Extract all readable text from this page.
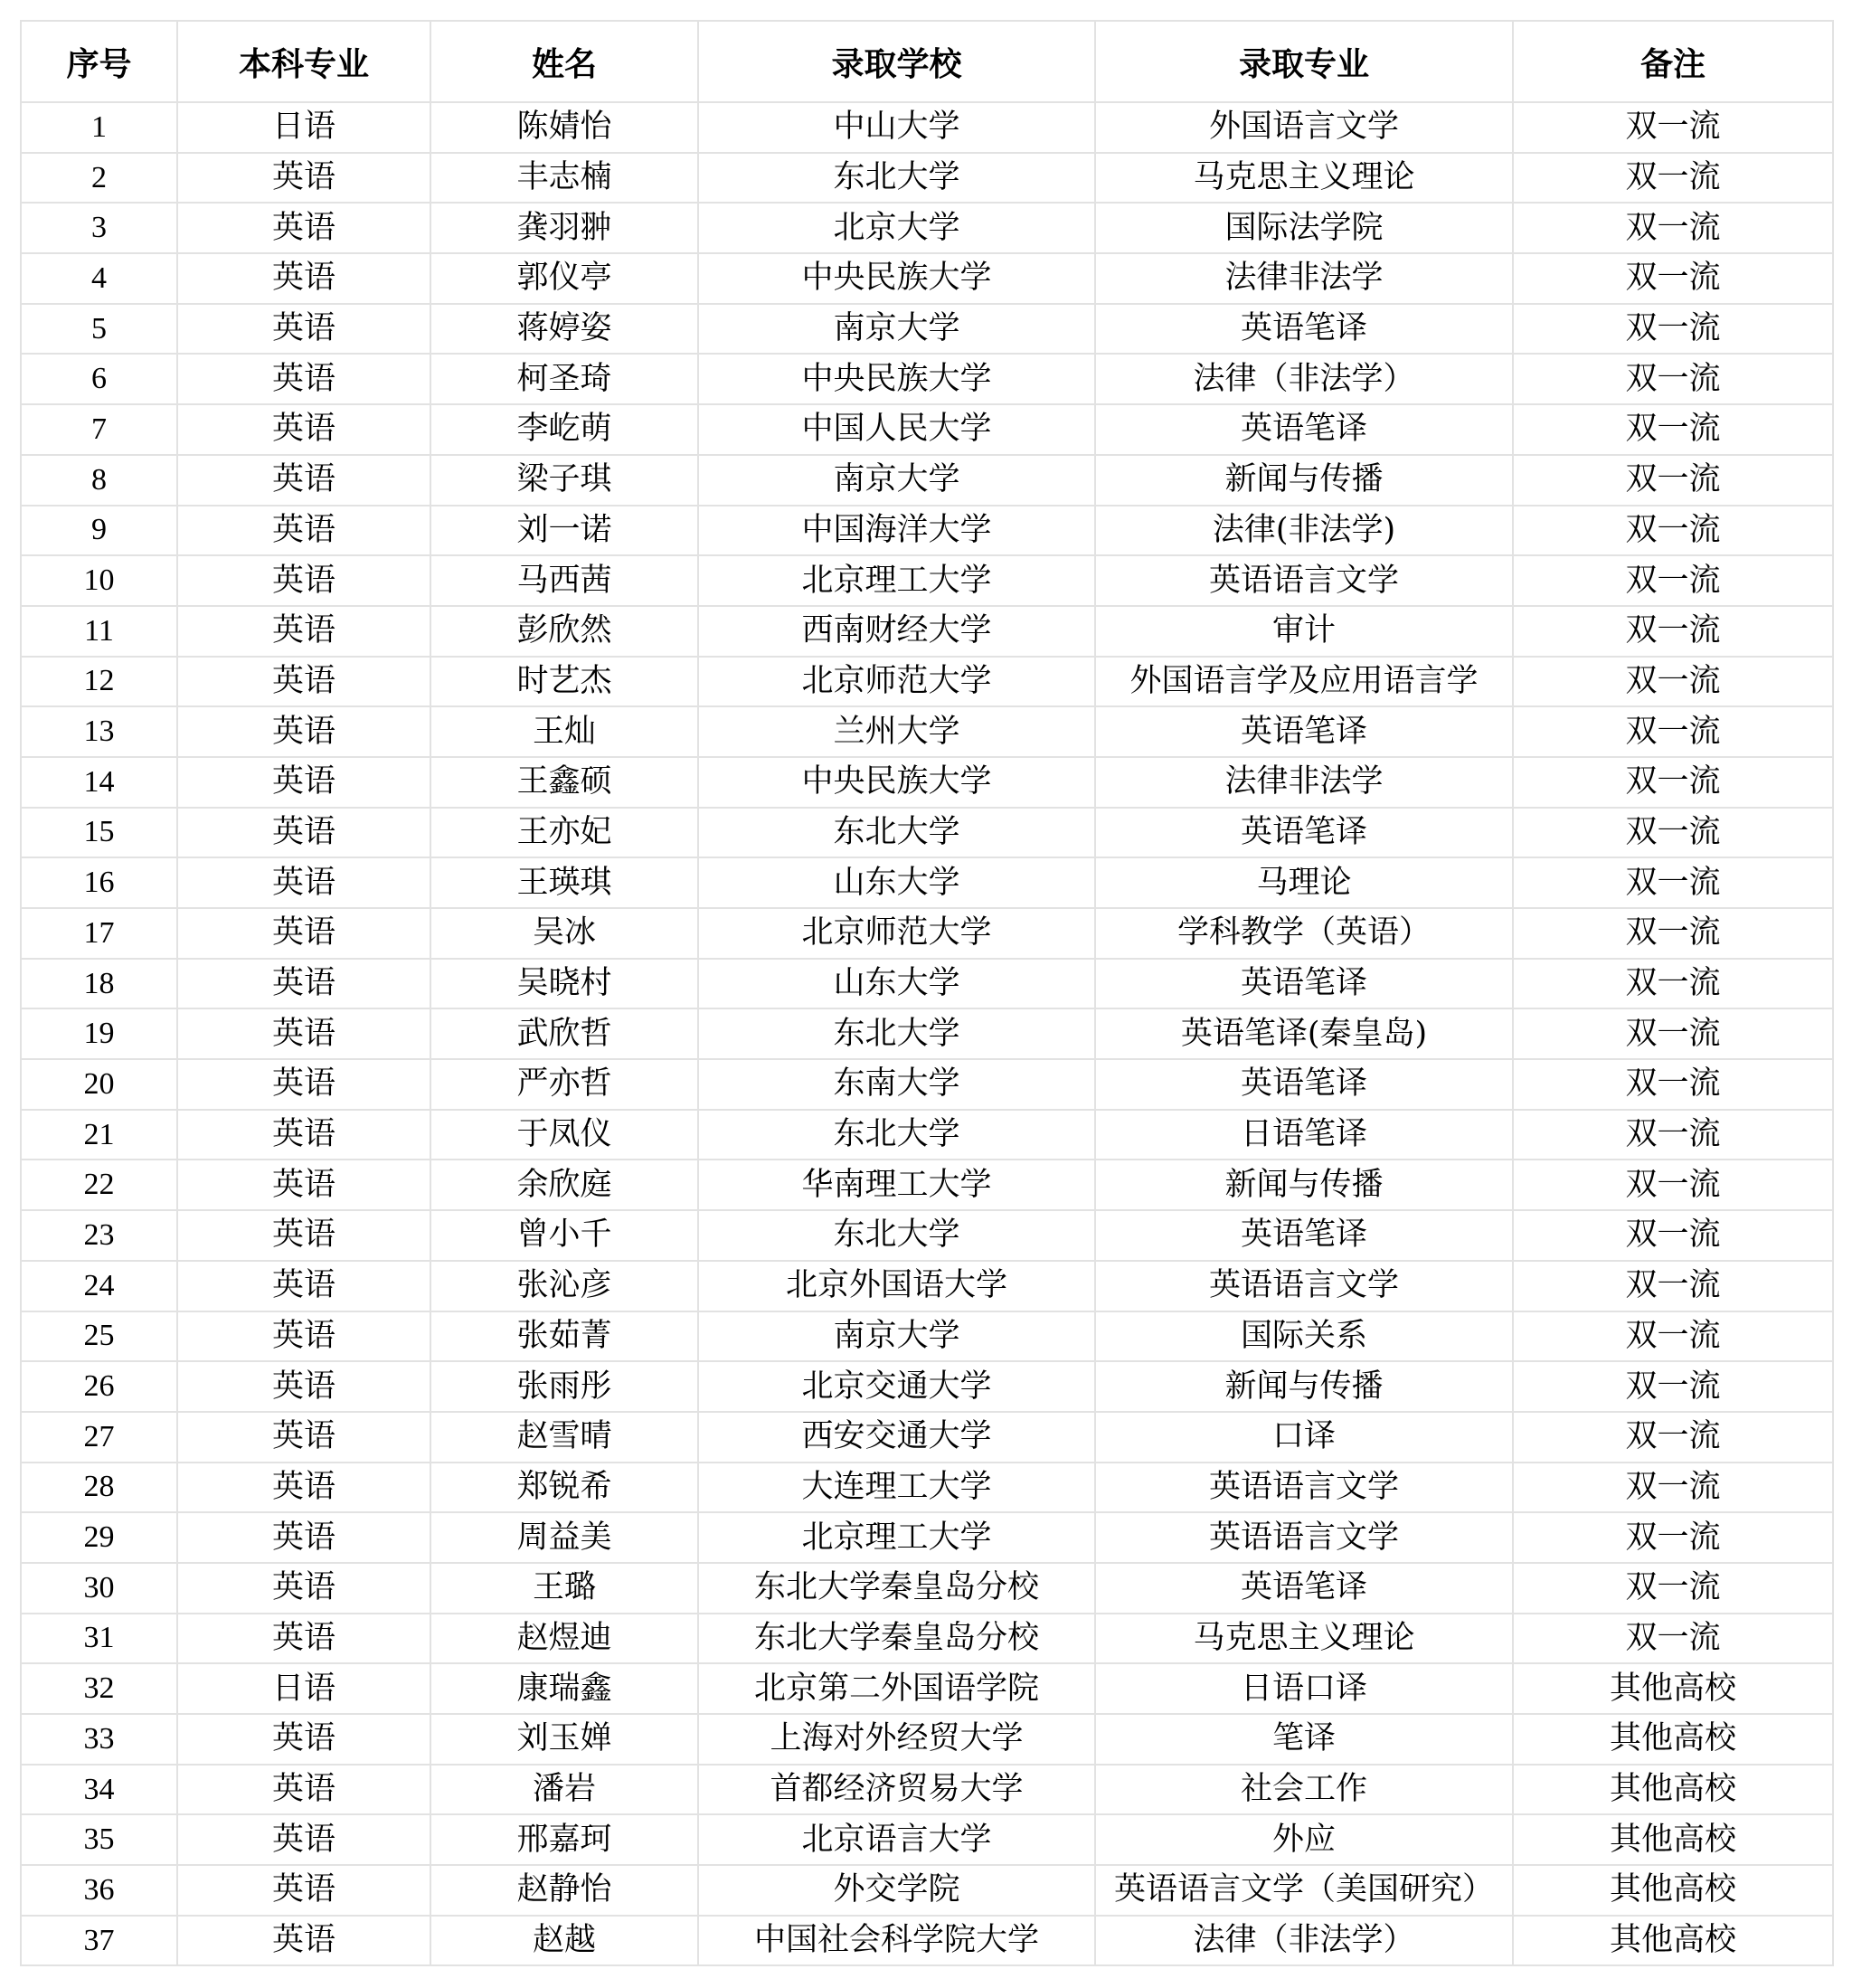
序号	本科专业	姓名	录取学校	录取专业	备注
1	日语	陈婧怡	中山大学	外国语言文学	双一流
2	英语	丰志楠	东北大学	马克思主义理论	双一流
3	英语	龚羽翀	北京大学	国际法学院	双一流
4	英语	郭仪亭	中央民族大学	法律非法学	双一流
5	英语	蒋婷姿	南京大学	英语笔译	双一流
6	英语	柯圣琦	中央民族大学	法律（非法学）	双一流
7	英语	李屹萌	中国人民大学	英语笔译	双一流
8	英语	梁子琪	南京大学	新闻与传播	双一流
9	英语	刘一诺	中国海洋大学	法律(非法学)	双一流
10	英语	马西茜	北京理工大学	英语语言文学	双一流
11	英语	彭欣然	西南财经大学	审计	双一流
12	英语	时艺杰	北京师范大学	外国语言学及应用语言学	双一流
13	英语	王灿	兰州大学	英语笔译	双一流
14	英语	王鑫硕	中央民族大学	法律非法学	双一流
15	英语	王亦妃	东北大学	英语笔译	双一流
16	英语	王瑛琪	山东大学	马理论	双一流
17	英语	吴冰	北京师范大学	学科教学（英语）	双一流
18	英语	吴晓村	山东大学	英语笔译	双一流
19	英语	武欣哲	东北大学	英语笔译(秦皇岛)	双一流
20	英语	严亦哲	东南大学	英语笔译	双一流
21	英语	于凤仪	东北大学	日语笔译	双一流
22	英语	余欣庭	华南理工大学	新闻与传播	双一流
23	英语	曾小千	东北大学	英语笔译	双一流
24	英语	张沁彦	北京外国语大学	英语语言文学	双一流
25	英语	张茹菁	南京大学	国际关系	双一流
26	英语	张雨彤	北京交通大学	新闻与传播	双一流
27	英语	赵雪晴	西安交通大学	口译	双一流
28	英语	郑锐希	大连理工大学	英语语言文学	双一流
29	英语	周益美	北京理工大学	英语语言文学	双一流
30	英语	王璐	东北大学秦皇岛分校	英语笔译	双一流
31	英语	赵煜迪	东北大学秦皇岛分校	马克思主义理论	双一流
32	日语	康瑞鑫	北京第二外国语学院	日语口译	其他高校
33	英语	刘玉婵	上海对外经贸大学	笔译	其他高校
34	英语	潘岩	首都经济贸易大学	社会工作	其他高校
35	英语	邢嘉珂	北京语言大学	外应	其他高校
36	英语	赵静怡	外交学院	英语语言文学（美国研究）	其他高校
37	英语	赵越	中国社会科学院大学	法律（非法学）	其他高校
